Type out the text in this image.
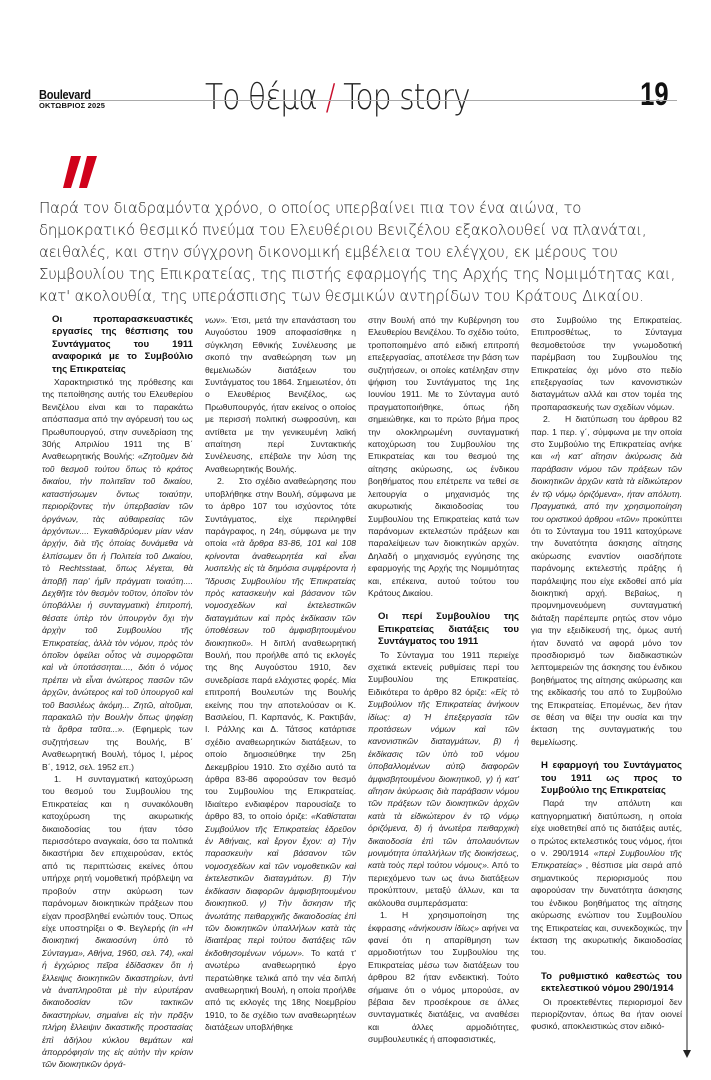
Boulevard
ΟΚΤΩΒΡΙΟΣ 2025	Το θέμα / Top story	19

Παρά τον διαδραμόντα χρόνο, ο οποίος υπερβαίνει πια τον ένα αιώνα, το δημοκρατικό θεσμικό πνεύμα του Ελευθέριου Βενιζέλου εξακολουθεί να πλανάται, αειθαλές, και στην σύγχρονη δικονομική εμβέλεια του ελέγχου, εκ μέρους του Συμβουλίου της Επικρατείας, της πιστής εφαρμογής της Αρχής της Νομιμότητας και, κατ' ακολουθία, της υπεράσπισης των θεσμικών αντηρίδων του Κράτους Δικαίου.

Οι προπαρασκευαστικές εργασίες της θέσπισης του Συντάγματος του 1911 αναφορικά με το Συμβούλιο της Επικρατείας

Χαρακτηριστικό της πρόθεσης και της πεποίθησης αυτής του Ελευθερίου Βενιζέλου είναι και το παρακάτω απόσπασμα από την αγόρευσή του ως Πρωθυπουργού, στην συνεδρίαση της 30ής Απριλίου 1911 της Β΄ Αναθεωρητικής Βουλής: «Ζητοῦμεν διὰ τοῦ θεσμοῦ τούτου ὅπως τὸ κράτος δικαίου, τὴν πολιτεῖαν τοῦ δικαίου, καταστήσωμεν ὄντως τοιαύτην, περιορίζοντες τὴν ὑπερβασίαν τῶν ὀργάνων, τὰς αὐθαιρεσίας τῶν ἀρχόντων.... Ἐγκαθιδρύομεν μίαν νέαν ἀρχήν, διὰ τῆς ὁποίας δυνάμεθα νὰ ἐλπίσωμεν ὅτι ἡ Πολιτεία τοῦ Δικαίου, τὸ Rechtsstaat, ὅπως λέγεται, θὰ ἀποβῇ παρ' ἡμῖν πράγματι τοιαύτη.... Δεχθῆτε τὸν θεσμὸν τοῦτον, ὁποῖον τὸν ὑποβάλλει ἡ συνταγματικὴ ἐπιτροπή, θέσατε ὑπὲρ τὸν ὑπουργὸν ὄχι τὴν ἀρχὴν τοῦ Συμβουλίου τῆς Ἐπικρατείας, ἀλλὰ τὸν νόμον, πρὸς τὸν ὁποῖον ὀφείλει οὗτος νὰ συμορφῶται καὶ νὰ ὑποτάσσηται...., διότι ὁ νόμος πρέπει νὰ εἶναι ἀνώτερος πασῶν τῶν ἀρχῶν, ἀνώτερος καὶ τοῦ ὑπουργοῦ καὶ τοῦ Βασιλέως ἀκόμη... Ζητῶ, αἰτοῦμαι, παρακαλῶ τὴν Βουλὴν ὅπως ψηφίσῃ τὰ ἄρθρα ταῦτα...». (Εφημερὶς των συζητήσεων της Βουλής, Β΄ Αναθεωρητική Βουλή, τόμος Ι, μέρος Β΄, 1912, σελ. 1952 επ.)

1. Η συνταγματική κατοχύρωση του θεσμού του Συμβουλίου της Επικρατείας και η συνακόλουθη κατοχύρωση της ακυρωτικής δικαιοδοσίας του ήταν τόσο περισσότερο αναγκαία, όσο τα πολιτικά δικαστήρια δεν επιχειρούσαν, εκτός από τις περιπτώσεις εκείνες όπου υπήρχε ρητή νομοθετική πρόβλεψη να προβούν στην ακύρωση των παράνομων διοικητικών πράξεων που είχαν προσβληθεί ενώπιόν τους. Όπως είχε υποστηρίξει ο Φ. Βεγλερής (in «Η διοικητική δικαιοσύνη ὑπὸ τὸ Σύνταγμα», Αθήνα, 1960, σελ. 74), «καὶ ἡ ἐγχώριος πεῖρα ἐδίδασκεν ὅτι ἡ ἔλλειψις διοικητικῶν δικαστηρίων, ἀντὶ νὰ ἀναπληροῦται μὲ τὴν εὐρυτέραν δικαιοδοσίαν τῶν τακτικῶν δικαστηρίων, σημαίνει εἰς τὴν πρᾶξιν πλήρη ἔλλειψιν δικαστικῆς προστασίας ἐπὶ ἀδήλου κύκλου θεμάτων καὶ ἀπορρόφησίν της εἰς αὐτὴν τὴν κρίσιν τῶν διοικητικῶν ὀργά-

νων». Έτσι, μετά την επανάσταση του Αυγούστου 1909 αποφασίσθηκε η σύγκληση Εθνικής Συνέλευσης με σκοπό την αναθεώρηση των μη θεμελιωδών διατάξεων του Συντάγματος του 1864. Σημειωτέον, ότι ο Ελευθέριος Βενιζέλος, ως Πρωθυπουργός, ήταν εκείνος ο οποίος με περισσή πολιτική σωφροσύνη, και αντίθετα με την γενικευμένη λαϊκή απαίτηση περί Συντακτικής Συνέλευσης, επέβαλε την λύση της Αναθεωρητικής Βουλής.

2. Στο σχέδιο αναθεώρησης που υποβλήθηκε στην Βουλή, σύμφωνα με το άρθρο 107 του ισχύοντος τότε Συντάγματος, είχε περιληφθεί παράγραφος, η 24η, σύμφωνα με την οποία «τὰ ἄρθρα 83-86, 101 καὶ 108 κρίνονται ἀναθεωρητέα καὶ εἶναι λυσιτελὴς εἰς τὰ δημόσια συμφέροντα ἡ Ἵδρυσις Συμβουλίου τῆς Ἐπικρατείας πρὸς κατασκευὴν καὶ βάσανον τῶν νομοσχεδίων καὶ ἐκτελεστικῶν διαταγμάτων καὶ πρὸς ἐκδίκασιν τῶν ὑποθέσεων τοῦ ἀμφισβητουμένου διοικητικοῦ». Η διπλή αναθεωρητική Βουλή, που προήλθε από τις εκλογές της 8ης Αυγούστου 1910, δεν συνεδρίασε παρά ελάχιστες φορές. Μία επιτροπή Βουλευτών της Βουλής εκείνης που την αποτελούσαν οι Κ. Βασιλείου, Π. Καρπανός, Κ. Ρακτιβάν, Ι. Ράλλης και Δ. Τάτσος κατάρτισε σχέδιο αναθεωρητικών διατάξεων, το οποίο δημοσιεύθηκε την 25η Δεκεμβρίου 1910. Στο σχέδιο αυτό τα άρθρα 83-86 αφορούσαν τον θεσμό του Συμβουλίου της Επικρατείας. Ιδιαίτερο ενδιαφέρον παρουσίαζε το άρθρο 83, το οποίο όριζε: «Καθίσταται Συμβούλιον τῆς Ἐπικρατείας ἑδρεῦον ἐν Ἀθήναις, καὶ ἔργον ἔχον: α) Τὴν παρασκευὴν καὶ βάσανον τῶν νομοσχεδίων καὶ τῶν νομοθετικῶν καὶ ἐκτελεστικῶν διαταγμάτων. β) Τὴν ἐκδίκασιν διαφορῶν ἀμφισβητουμένου διοικητικοῦ. γ) Τὴν ἄσκησιν τῆς ἀνωτάτης πειθαρχικῆς δικαιοδοσίας ἐπὶ τῶν διοικητικῶν ὑπαλλήλων κατὰ τὰς ἰδιαιτέρας περὶ τούτου διατάξεις τῶν ἐκδοθησομένων νόμων». Το κατά τ' ανωτέρω αναθεωρητικό έργο περατώθηκε τελικά από την νέα διπλή αναθεωρητική Βουλή, η οποία προήλθε από τις εκλογές της 18ης Νοεμβρίου 1910, το δε σχέδιο των αναθεωρητέων διατάξεων υποβλήθηκε

στην Βουλή από την Κυβέρνηση του Ελευθερίου Βενιζέλου. Το σχέδιο τούτο, τροποποιημένο από ειδική επιτροπή επεξεργασίας, αποτέλεσε την βάση των συζητήσεων, οι οποίες κατέληξαν στην ψήφιση του Συντάγματος της 1ης Ιουνίου 1911. Με το Σύνταγμα αυτό πραγματοποιήθηκε, όπως ήδη σημειώθηκε, και το πρώτο βήμα προς την ολοκληρωμένη συνταγματική κατοχύρωση του Συμβουλίου της Επικρατείας και του θεσμού της αίτησης ακύρωσης, ως ένδικου βοηθήματος που επέτρεπε να τεθεί σε λειτουργία ο μηχανισμός της ακυρωτικής δικαιοδοσίας του Συμβουλίου της Επικρατείας κατά των παράνομων εκτελεστών πράξεων και παραλείψεων των διοικητικών αρχών. Δηλαδή ο μηχανισμός εγγύησης της εφαρμογής της Αρχής της Νομιμότητας και, επέκεινα, αυτού τούτου του Κράτους Δικαίου.

Οι περί Συμβουλίου της Επικρατείας διατάξεις του Συντάγματος του 1911

Το Σύνταγμα του 1911 περιείχε σχετικά εκτενείς ρυθμίσεις περί του Συμβουλίου της Επικρατείας. Ειδικότερα το άρθρο 82 όριζε: «Εἰς τὸ Συμβούλιον τῆς Ἐπικρατείας ἀνήκουν ἰδίως: α) Ἡ ἐπεξεργασία τῶν προτάσεων νόμων καὶ τῶν κανονιστικῶν διαταγμάτων, β) ἡ ἐκδίκασις τῶν ὑπὸ τοῦ νόμου ὑποβαλλομένων αὐτῷ διαφορῶν ἀμφισβητουμένου διοικητικοῦ, γ) ἡ κατ' αἴτησιν ἀκύρωσις διὰ παράβασιν νόμου τῶν πράξεων τῶν διοικητικῶν ἀρχῶν κατὰ τὰ εἰδικώτερον ἐν τῷ νόμῳ ὁριζόμενα, δ) ἡ ἀνωτέρα πειθαρχικὴ δικαιοδοσία ἐπὶ τῶν ἀπολαυόντων μονιμότητα ὑπαλλήλων τῆς διοικήσεως, κατὰ τοὺς περὶ τούτου νόμους». Από το περιεχόμενο των ως άνω διατάξεων προκύπτουν, μεταξύ άλλων, και τα ακόλουθα συμπεράσματα:

1. Η χρησιμοποίηση της έκφρασης «ἀνήκουσιν ἰδίως» αφήνει να φανεί ότι η απαρίθμηση των αρμοδιοτήτων του Συμβουλίου της Επικρατείας μέσω των διατάξεων του άρθρου 82 ήταν ενδεικτική. Τούτο σήμαινε ότι ο νόμος μπορούσε, αν βέβαια δεν προσέκρουε σε άλλες συνταγματικές διατάξεις, να αναθέσει και άλλες αρμοδιότητες, συμβουλευτικές ή αποφασιστικές,

στο Συμβούλιο της Επικρατείας. Επιπροσθέτως, το Σύνταγμα θεσμοθετούσε την γνωμοδοτική παρέμβαση του Συμβουλίου της Επικρατείας όχι μόνο στο πεδίο επεξεργασίας των κανονιστικών διαταγμάτων αλλά και στον τομέα της προπαρασκευής των σχεδίων νόμων.

2. Η διατύπωση του άρθρου 82 παρ. 1 περ. γ΄, σύμφωνα με την οποία στο Συμβούλιο της Επικρατείας ανήκε και «ἡ κατ' αἴτησιν ἀκύρωσις διὰ παράβασιν νόμου τῶν πράξεων τῶν διοικητικῶν ἀρχῶν κατὰ τὰ εἰδικώτερον ἐν τῷ νόμῳ ὁριζόμενα», ήταν απόλυτη. Πραγματικά, από την χρησιμοποίηση του οριστικού άρθρου «τῶν» προκύπτει ότι το Σύνταγμα του 1911 κατοχύρωνε την δυνατότητα άσκησης αίτησης ακύρωσης εναντίον οιασδήποτε παράνομης εκτελεστής πράξης ή παράλειψης που είχε εκδοθεί από μία διοικητική αρχή. Βεβαίως, η προμνημονευόμενη συνταγματική διάταξη παρέπεμπε ρητώς στον νόμο για την εξειδίκευσή της, όμως αυτή ήταν δυνατό να αφορά μόνο τον προσδιορισμό των διαδικαστικών λεπτομερειών της άσκησης του ένδικου βοηθήματος της αίτησης ακύρωσης και της εκδίκασής του από το Συμβούλιο της Επικρατείας. Επομένως, δεν ήταν σε θέση να θίξει την ουσία και την έκταση της συνταγματικής του θεμελίωσης.

Η εφαρμογή του Συντάγματος του 1911 ως προς το Συμβούλιο της Επικρατείας

Παρά την απόλυτη και κατηγορηματική διατύπωση, η οποία είχε υιοθετηθεί από τις διατάξεις αυτές, ο πρώτος εκτελεστικός τους νόμος, ήτοι ο ν. 290/1914 «περὶ Συμβουλίου τῆς Ἐπικρατείας» , θέσπισε μία σειρά από σημαντικούς περιορισμούς που αφορούσαν την δυνατότητα άσκησης του ένδικου βοηθήματος της αίτησης ακύρωσης ενώπιον του Συμβουλίου της Επικρατείας και, συνεκδοχικώς, την έκταση της ακυρωτικής δικαιοδοσίας του.

Το ρυθμιστικό καθεστώς του εκτελεστικού νόμου 290/1914

Οι προεκτεθέντες περιορισμοί δεν περιορίζονταν, όπως θα ήταν οιονεί φυσικό, αποκλειστικώς στον ειδικό-
